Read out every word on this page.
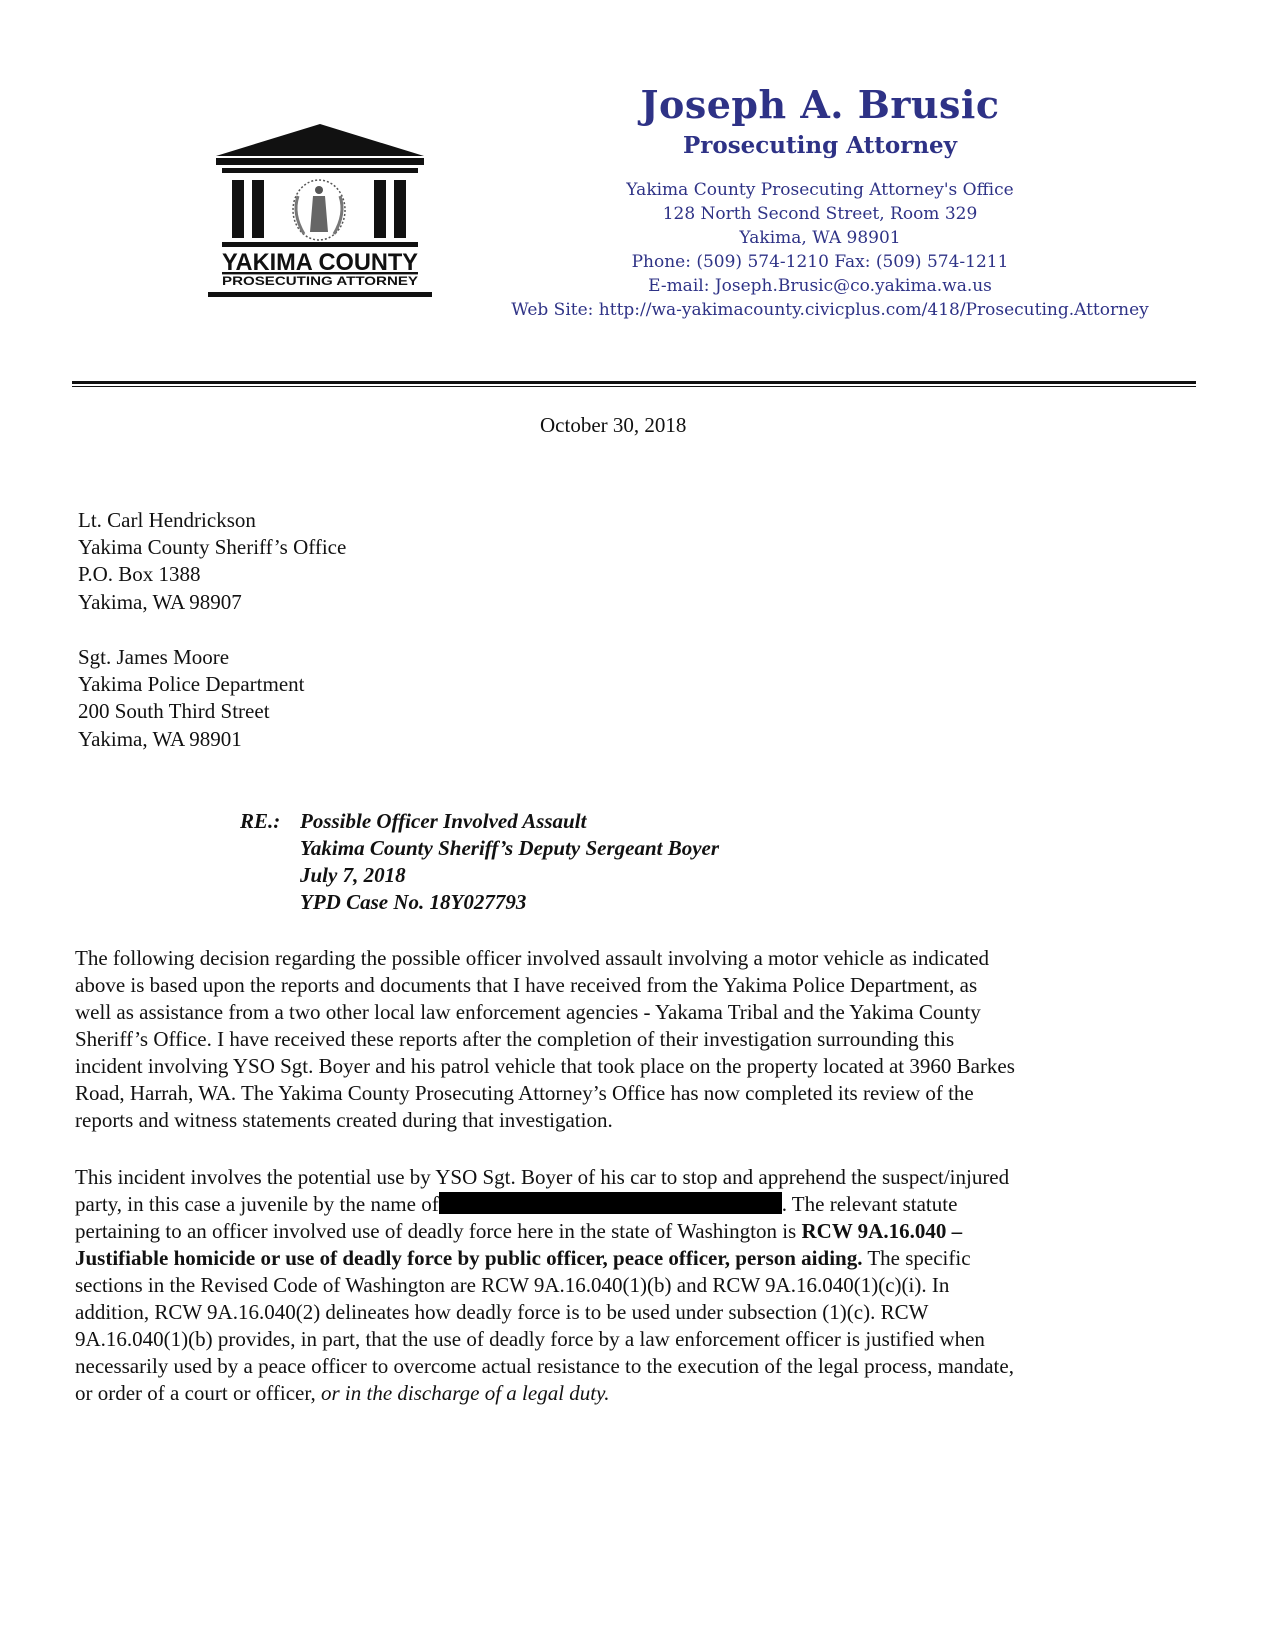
YAKIMA COUNTY
PROSECUTING ATTORNEY
Joseph A. Brusic
Prosecuting Attorney
Yakima County Prosecuting Attorney's Office
128 North Second Street, Room 329
Yakima, WA 98901
Phone: (509) 574-1210 Fax: (509) 574-1211
E-mail: Joseph.Brusic@co.yakima.wa.us
Web Site: http://wa-yakimacounty.civicplus.com/418/Prosecuting.Attorney
October 30, 2018
Lt. Carl Hendrickson
Yakima County Sheriff’s Office
P.O. Box 1388
Yakima, WA 98907
Sgt. James Moore
Yakima Police Department
200 South Third Street
Yakima, WA 98901
RE.: Possible Officer Involved Assault
Yakima County Sheriff’s Deputy Sergeant Boyer
July 7, 2018
YPD Case No. 18Y027793
The following decision regarding the possible officer involved assault involving a motor vehicle as indicated
above is based upon the reports and documents that I have received from the Yakima Police Department, as
well as assistance from a two other local law enforcement agencies - Yakama Tribal and the Yakima County
Sheriff’s Office. I have received these reports after the completion of their investigation surrounding this
incident involving YSO Sgt. Boyer and his patrol vehicle that took place on the property located at 3960 Barkes
Road, Harrah, WA. The Yakima County Prosecuting Attorney’s Office has now completed its review of the
reports and witness statements created during that investigation.
This incident involves the potential use by YSO Sgt. Boyer of his car to stop and apprehend the suspect/injured
party, in this case a juvenile by the name of	. The relevant statute
pertaining to an officer involved use of deadly force here in the state of Washington is RCW 9A.16.040 –
Justifiable homicide or use of deadly force by public officer, peace officer, person aiding. The specific
sections in the Revised Code of Washington are RCW 9A.16.040(1)(b) and RCW 9A.16.040(1)(c)(i). In
addition, RCW 9A.16.040(2) delineates how deadly force is to be used under subsection (1)(c). RCW
9A.16.040(1)(b) provides, in part, that the use of deadly force by a law enforcement officer is justified when
necessarily used by a peace officer to overcome actual resistance to the execution of the legal process, mandate,
or order of a court or officer, or in the discharge of a legal duty.
